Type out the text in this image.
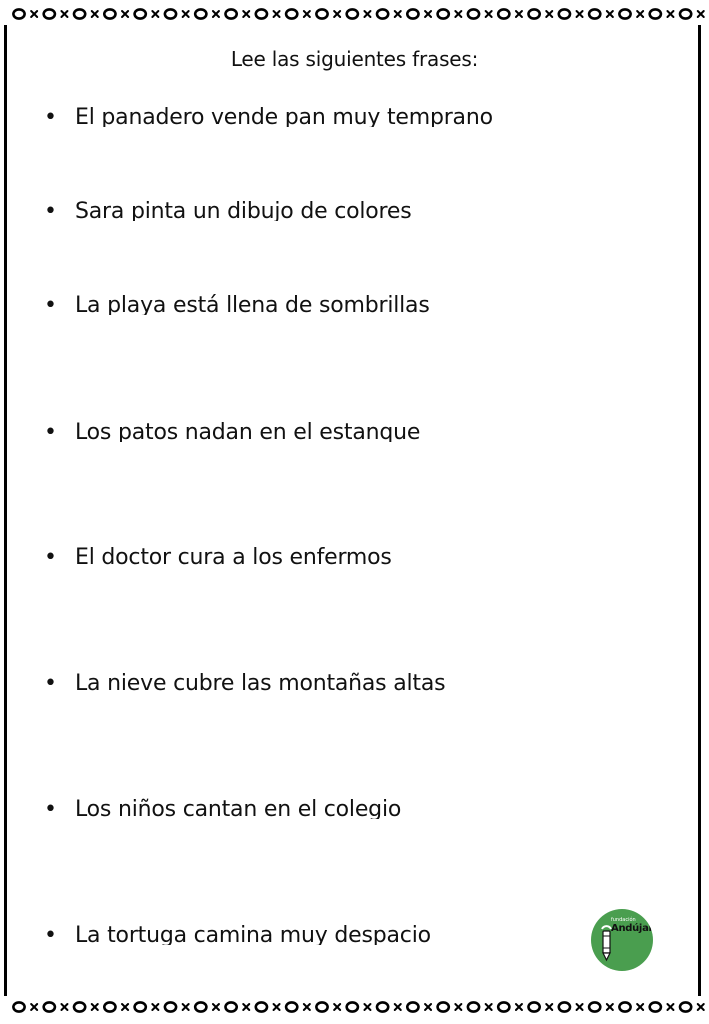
Lee las siguientes frases:
• El panadero vende pan muy temprano
• Sara pinta un dibujo de colores
• La playa está llena de sombrillas
• Los patos nadan en el estanque
• El doctor cura a los enfermos
• La nieve cubre las montañas altas
• Los niños cantan en el colegio
• La tortuga camina muy despacio
fundación
Andújar
